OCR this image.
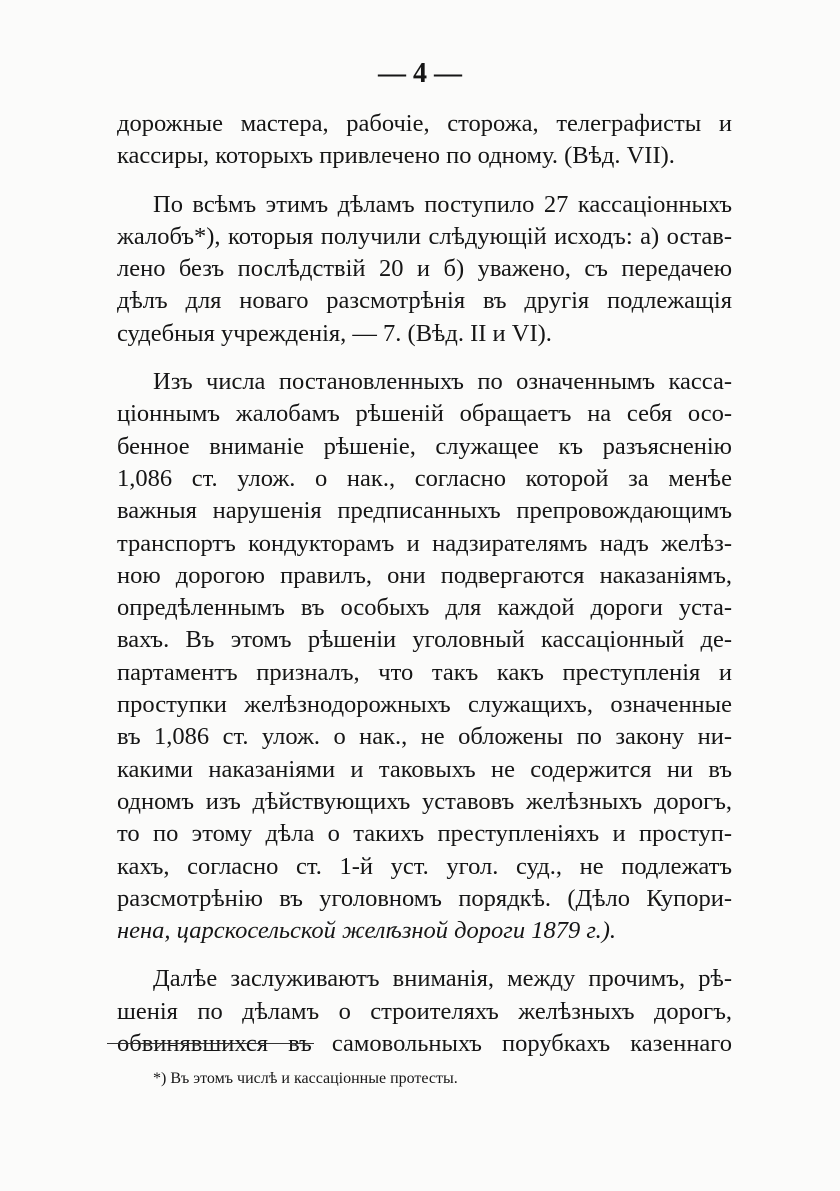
— 4 —
дорожные мастера, рабочіе, сторожа, телеграфисты и
кассиры, которыхъ привлечено по одному. (Вѣд. VII).
По всѣмъ этимъ дѣламъ поступило 27 кассаціонныхъ
жалобъ*), которыя получили слѣдующій исходъ: а) остав-
лено безъ послѣдствій 20 и б) уважено, съ передачею
дѣлъ для новаго разсмотрѣнія въ другія подлежащія
судебныя учрежденія, — 7. (Вѣд. II и VI).
Изъ числа постановленныхъ по означеннымъ касса-
ціоннымъ жалобамъ рѣшеній обращаетъ на себя осо-
бенное вниманіе рѣшеніе, служащее къ разъясненію
1,086 ст. улож. о нак., согласно которой за менѣе
важныя нарушенія предписанныхъ препровождающимъ
транспортъ кондукторамъ и надзирателямъ надъ желѣз-
ною дорогою правилъ, они подвергаются наказаніямъ,
опредѣленнымъ въ особыхъ для каждой дороги уста-
вахъ. Въ этомъ рѣшеніи уголовный кассаціонный де-
партаментъ призналъ, что такъ какъ преступленія и
проступки желѣзнодорожныхъ служащихъ, означенные
въ 1,086 ст. улож. о нак., не обложены по закону ни-
какими наказаніями и таковыхъ не содержится ни въ
одномъ изъ дѣйствующихъ уставовъ желѣзныхъ дорогъ,
то по этому дѣла о такихъ преступленіяхъ и проступ-
кахъ, согласно ст. 1-й уст. угол. суд., не подлежатъ
разсмотрѣнію въ уголовномъ порядкѣ. (Дѣло Купори-
нена, царскосельской желѣзной дороги 1879 г.).
Далѣе заслуживаютъ вниманія, между прочимъ, рѣ-
шенія по дѣламъ о строителяхъ желѣзныхъ дорогъ,
обвинявшихся въ самовольныхъ порубкахъ казеннаго
*) Въ этомъ числѣ и кассаціонные протесты.
